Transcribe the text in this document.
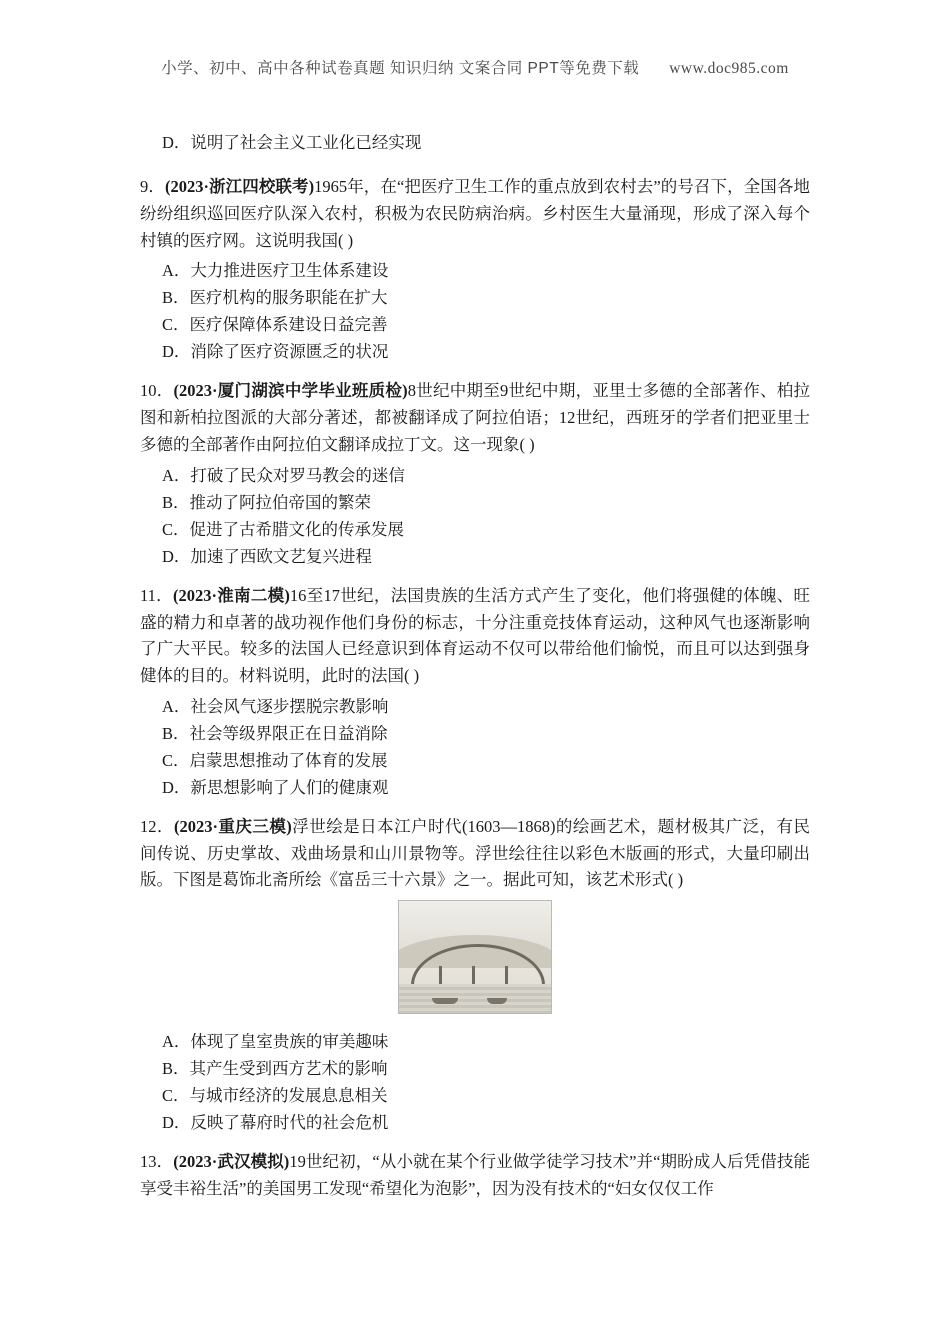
小学、初中、高中各种试卷真题 知识归纳 文案合同 PPT等免费下载 www.doc985.com
D．说明了社会主义工业化已经实现

9．(2023·浙江四校联考)1965年，在“把医疗卫生工作的重点放到农村去”的号召下，全国各地纷纷组织巡回医疗队深入农村，积极为农民防病治病。乡村医生大量涌现，形成了深入每个村镇的医疗网。这说明我国( )

A．大力推进医疗卫生体系建设

B．医疗机构的服务职能在扩大

C．医疗保障体系建设日益完善

D．消除了医疗资源匮乏的状况

10．(2023·厦门湖滨中学毕业班质检)8世纪中期至9世纪中期，亚里士多德的全部著作、柏拉图和新柏拉图派的大部分著述，都被翻译成了阿拉伯语；12世纪，西班牙的学者们把亚里士多德的全部著作由阿拉伯文翻译成拉丁文。这一现象( )

A．打破了民众对罗马教会的迷信

B．推动了阿拉伯帝国的繁荣

C．促进了古希腊文化的传承发展

D．加速了西欧文艺复兴进程

11．(2023·淮南二模)16至17世纪，法国贵族的生活方式产生了变化，他们将强健的体魄、旺盛的精力和卓著的战功视作他们身份的标志，十分注重竞技体育运动，这种风气也逐渐影响了广大平民。较多的法国人已经意识到体育运动不仅可以带给他们愉悦，而且可以达到强身健体的目的。材料说明，此时的法国( )

A．社会风气逐步摆脱宗教影响

B．社会等级界限正在日益消除

C．启蒙思想推动了体育的发展

D．新思想影响了人们的健康观

12．(2023·重庆三模)浮世绘是日本江户时代(1603—1868)的绘画艺术，题材极其广泛，有民间传说、历史掌故、戏曲场景和山川景物等。浮世绘往往以彩色木版画的形式，大量印刷出版。下图是葛饰北斋所绘《富岳三十六景》之一。据此可知，该艺术形式( )

A．体现了皇室贵族的审美趣味

B．其产生受到西方艺术的影响

C．与城市经济的发展息息相关

D．反映了幕府时代的社会危机

13．(2023·武汉模拟)19世纪初，“从小就在某个行业做学徒学习技术”并“期盼成人后凭借技能享受丰裕生活”的美国男工发现“希望化为泡影”，因为没有技术的“妇女仅仅工作
